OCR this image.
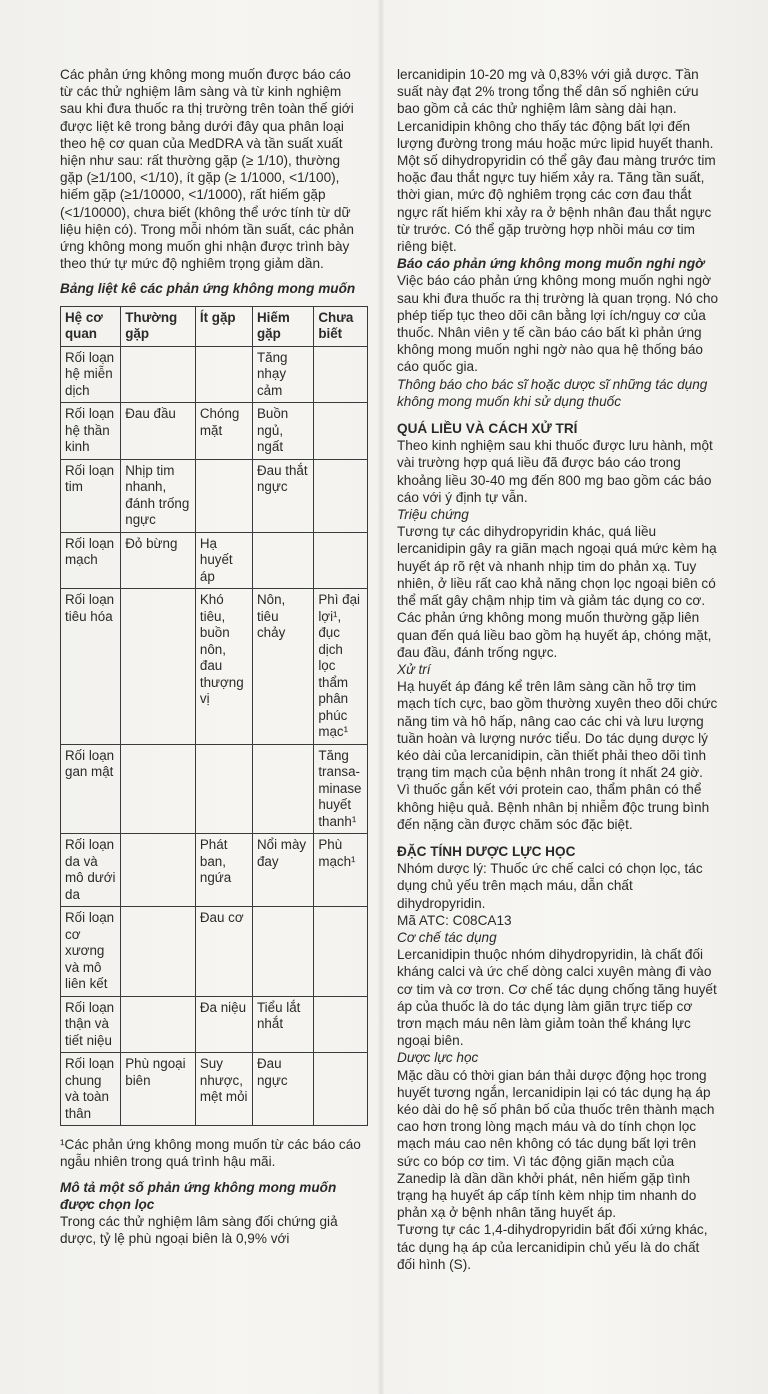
Các phản ứng không mong muốn được báo cáo từ các thử nghiệm lâm sàng và từ kinh nghiệm sau khi đưa thuốc ra thị trường trên toàn thế giới được liệt kê trong bảng dưới đây qua phân loại theo hệ cơ quan của MedDRA và tần suất xuất hiện như sau: rất thường gặp (≥ 1/10), thường gặp (≥1/100, <1/10), ít gặp (≥ 1/1000, <1/100), hiếm gặp (≥1/10000, <1/1000), rất hiếm gặp (<1/10000), chưa biết (không thể ước tính từ dữ liệu hiện có). Trong mỗi nhóm tần suất, các phản ứng không mong muốn ghi nhận được trình bày theo thứ tự mức độ nghiêm trọng giảm dần.

Bảng liệt kê các phản ứng không mong muốn

Hệ cơ quan	Thường gặp	Ít gặp	Hiếm gặp	Chưa biết
Rối loạn hệ miễn dịch			Tăng nhạy cảm	
Rối loạn hệ thần kinh	Đau đầu	Chóng mặt	Buồn ngủ, ngất	
Rối loạn tim	Nhịp tim nhanh, đánh trống ngực		Đau thắt ngực	
Rối loạn mạch	Đỏ bừng	Hạ huyết áp		
Rối loạn tiêu hóa		Khó tiêu, buồn nôn, đau thượng vị	Nôn, tiêu chảy	Phì đại lợi¹, đục dịch lọc thẩm phân phúc mạc¹
Rối loạn gan mật				Tăng transa-minase huyết thanh¹
Rối loạn da và mô dưới da		Phát ban, ngứa	Nổi mày đay	Phù mạch¹
Rối loạn cơ xương và mô liên kết		Đau cơ		
Rối loạn thận và tiết niệu		Đa niệu	Tiểu lắt nhắt	
Rối loạn chung và toàn thân	Phù ngoại biên	Suy nhược, mệt mỏi	Đau ngực	

¹Các phản ứng không mong muốn từ các báo cáo ngẫu nhiên trong quá trình hậu mãi.

Mô tả một số phản ứng không mong muốn được chọn lọc

Trong các thử nghiệm lâm sàng đối chứng giả dược, tỷ lệ phù ngoại biên là 0,9% với

lercanidipin 10-20 mg và 0,83% với giả dược. Tần suất này đạt 2% trong tổng thể dân số nghiên cứu bao gồm cả các thử nghiệm lâm sàng dài hạn.

Lercanidipin không cho thấy tác động bất lợi đến lượng đường trong máu hoặc mức lipid huyết thanh.

Một số dihydropyridin có thể gây đau màng trước tim hoặc đau thắt ngực tuy hiếm xảy ra. Tăng tần suất, thời gian, mức độ nghiêm trọng các cơn đau thắt ngực rất hiếm khi xảy ra ở bệnh nhân đau thắt ngực từ trước. Có thể gặp trường hợp nhồi máu cơ tim riêng biệt.

Báo cáo phản ứng không mong muốn nghi ngờ

Việc báo cáo phản ứng không mong muốn nghi ngờ sau khi đưa thuốc ra thị trường là quan trọng. Nó cho phép tiếp tục theo dõi cân bằng lợi ích/nguy cơ của thuốc. Nhân viên y tế cần báo cáo bất kì phản ứng không mong muốn nghi ngờ nào qua hệ thống báo cáo quốc gia.

Thông báo cho bác sĩ hoặc dược sĩ những tác dụng không mong muốn khi sử dụng thuốc

QUÁ LIỀU VÀ CÁCH XỬ TRÍ

Theo kinh nghiệm sau khi thuốc được lưu hành, một vài trường hợp quá liều đã được báo cáo trong khoảng liều 30-40 mg đến 800 mg bao gồm các báo cáo với ý định tự vẫn.

Triệu chứng

Tương tự các dihydropyridin khác, quá liều lercanidipin gây ra giãn mạch ngoại quá mức kèm hạ huyết áp rõ rệt và nhanh nhịp tim do phản xạ. Tuy nhiên, ở liều rất cao khả năng chọn lọc ngoại biên có thể mất gây chậm nhịp tim và giảm tác dụng co cơ. Các phản ứng không mong muốn thường gặp liên quan đến quá liều bao gồm hạ huyết áp, chóng mặt, đau đầu, đánh trống ngực.

Xử trí

Hạ huyết áp đáng kể trên lâm sàng cần hỗ trợ tim mạch tích cực, bao gồm thường xuyên theo dõi chức năng tim và hô hấp, nâng cao các chi và lưu lượng tuần hoàn và lượng nước tiểu. Do tác dụng dược lý kéo dài của lercanidipin, cần thiết phải theo dõi tình trạng tim mạch của bệnh nhân trong ít nhất 24 giờ. Vì thuốc gắn kết với protein cao, thẩm phân có thể không hiệu quả. Bệnh nhân bị nhiễm độc trung bình đến nặng cần được chăm sóc đặc biệt.

ĐẶC TÍNH DƯỢC LỰC HỌC

Nhóm dược lý: Thuốc ức chế calci có chọn lọc, tác dụng chủ yếu trên mạch máu, dẫn chất dihydropyridin.

Mã ATC: C08CA13

Cơ chế tác dụng

Lercanidipin thuộc nhóm dihydropyridin, là chất đối kháng calci và ức chế dòng calci xuyên màng đi vào cơ tim và cơ trơn. Cơ chế tác dụng chống tăng huyết áp của thuốc là do tác dụng làm giãn trực tiếp cơ trơn mạch máu nên làm giảm toàn thể kháng lực ngoại biên.

Dược lực học

Mặc dầu có thời gian bán thải dược động học trong huyết tương ngắn, lercanidipin lại có tác dụng hạ áp kéo dài do hệ số phân bố của thuốc trên thành mạch cao hơn trong lòng mạch máu và do tính chọn lọc mạch máu cao nên không có tác dụng bất lợi trên sức co bóp cơ tim. Vì tác động giãn mạch của Zanedip là dần dần khởi phát, nên hiếm gặp tình trạng hạ huyết áp cấp tính kèm nhịp tim nhanh do phản xạ ở bệnh nhân tăng huyết áp.

Tương tự các 1,4-dihydropyridin bất đối xứng khác, tác dụng hạ áp của lercanidipin chủ yếu là do chất đối hình (S).
